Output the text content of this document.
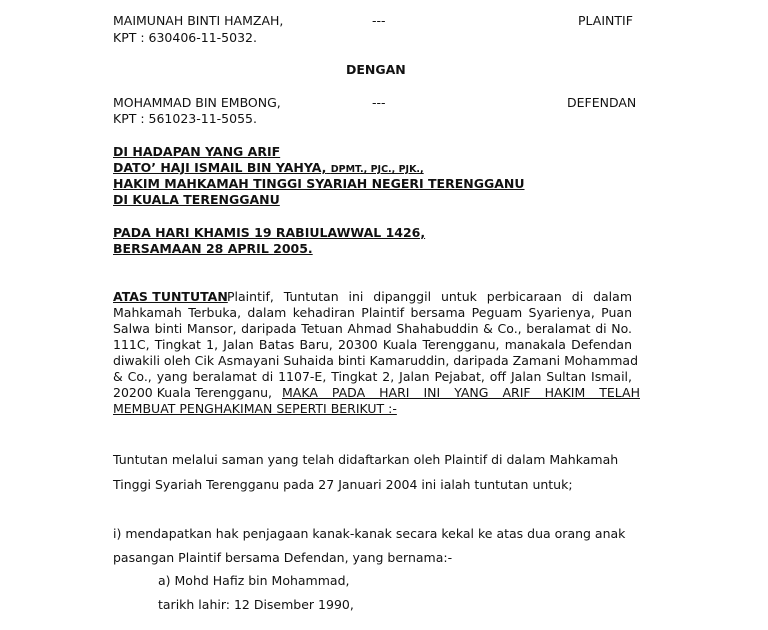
MAIMUNAH BINTI HAMZAH,	---	PLAINTIF
KPT : 630406-11-5032.
DENGAN
MOHAMMAD BIN EMBONG,	---	DEFENDAN
KPT : 561023-11-5055.
DI HADAPAN YANG ARIF
DATO’ HAJI ISMAIL BIN YAHYA, DPMT., PJC., PJK.,
HAKIM MAHKAMAH TINGGI SYARIAH NEGERI TERENGGANU
DI KUALA TERENGGANU
PADA HARI KHAMIS 19 RABIULAWWAL 1426,
BERSAMAAN 28 APRIL 2005.
ATAS TUNTUTAN Plaintif, Tuntutan ini dipanggil untuk perbicaraan di dalam
Mahkamah Terbuka, dalam kehadiran Plaintif bersama Peguam Syarienya, Puan
Salwa binti Mansor, daripada Tetuan Ahmad Shahabuddin & Co., beralamat di No.
111C, Tingkat 1, Jalan Batas Baru, 20300 Kuala Terengganu, manakala Defendan
diwakili oleh Cik Asmayani Suhaida binti Kamaruddin, daripada Zamani Mohammad
& Co., yang beralamat di 1107-E, Tingkat 2, Jalan Pejabat, off Jalan Sultan Ismail,
20200 Kuala Terengganu, MAKA PADA HARI INI YANG ARIF HAKIM TELAH
MEMBUAT PENGHAKIMAN SEPERTI BERIKUT :-
Tuntutan melalui saman yang telah didaftarkan oleh Plaintif di dalam Mahkamah
Tinggi Syariah Terengganu pada 27 Januari 2004 ini ialah tuntutan untuk;
i) mendapatkan hak penjagaan kanak-kanak secara kekal ke atas dua orang anak
pasangan Plaintif bersama Defendan, yang bernama:-
a) Mohd Hafiz bin Mohammad,
tarikh lahir: 12 Disember 1990,
